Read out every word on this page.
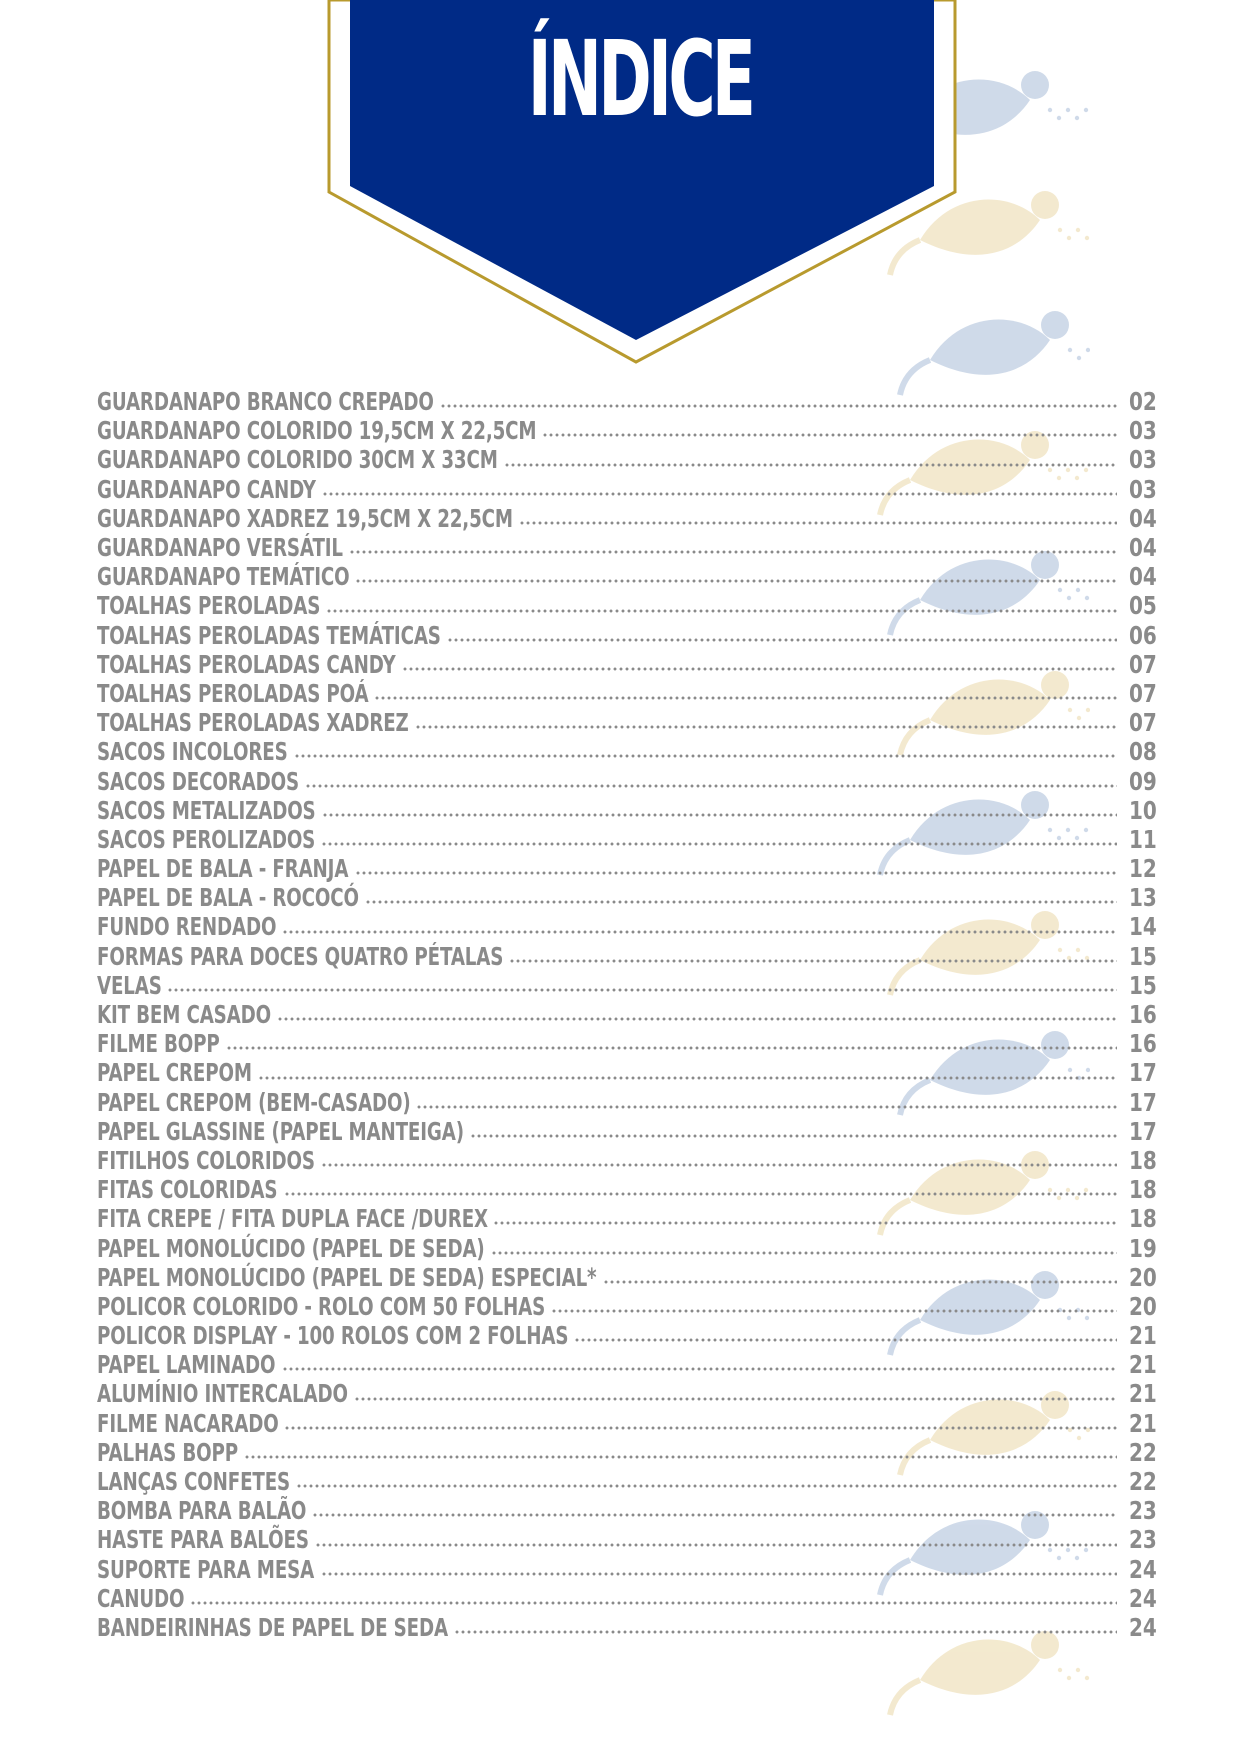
ÍNDICE
GUARDANAPO BRANCO CREPADO	02
GUARDANAPO COLORIDO 19,5CM X 22,5CM	03
GUARDANAPO COLORIDO 30CM X 33CM	03
GUARDANAPO CANDY	03
GUARDANAPO XADREZ 19,5CM X 22,5CM	04
GUARDANAPO VERSÁTIL	04
GUARDANAPO TEMÁTICO	04
TOALHAS PEROLADAS	05
TOALHAS PEROLADAS TEMÁTICAS	06
TOALHAS PEROLADAS CANDY	07
TOALHAS PEROLADAS POÁ	07
TOALHAS PEROLADAS XADREZ	07
SACOS INCOLORES	08
SACOS DECORADOS	09
SACOS METALIZADOS	10
SACOS PEROLIZADOS	11
PAPEL DE BALA - FRANJA	12
PAPEL DE BALA - ROCOCÓ	13
FUNDO RENDADO	14
FORMAS PARA DOCES QUATRO PÉTALAS	15
VELAS	15
KIT BEM CASADO	16
FILME BOPP	16
PAPEL CREPOM	17
PAPEL CREPOM (BEM-CASADO)	17
PAPEL GLASSINE (PAPEL MANTEIGA)	17
FITILHOS COLORIDOS	18
FITAS COLORIDAS	18
FITA CREPE / FITA DUPLA FACE /DUREX	18
PAPEL MONOLÚCIDO (PAPEL DE SEDA)	19
PAPEL MONOLÚCIDO (PAPEL DE SEDA) ESPECIAL*	20
POLICOR COLORIDO - ROLO COM 50 FOLHAS	20
POLICOR DISPLAY - 100 ROLOS COM 2 FOLHAS	21
PAPEL LAMINADO	21
ALUMÍNIO INTERCALADO	21
FILME NACARADO	21
PALHAS BOPP	22
LANÇAS CONFETES	22
BOMBA PARA BALÃO	23
HASTE PARA BALÕES	23
SUPORTE PARA MESA	24
CANUDO	24
BANDEIRINHAS DE PAPEL DE SEDA	24
